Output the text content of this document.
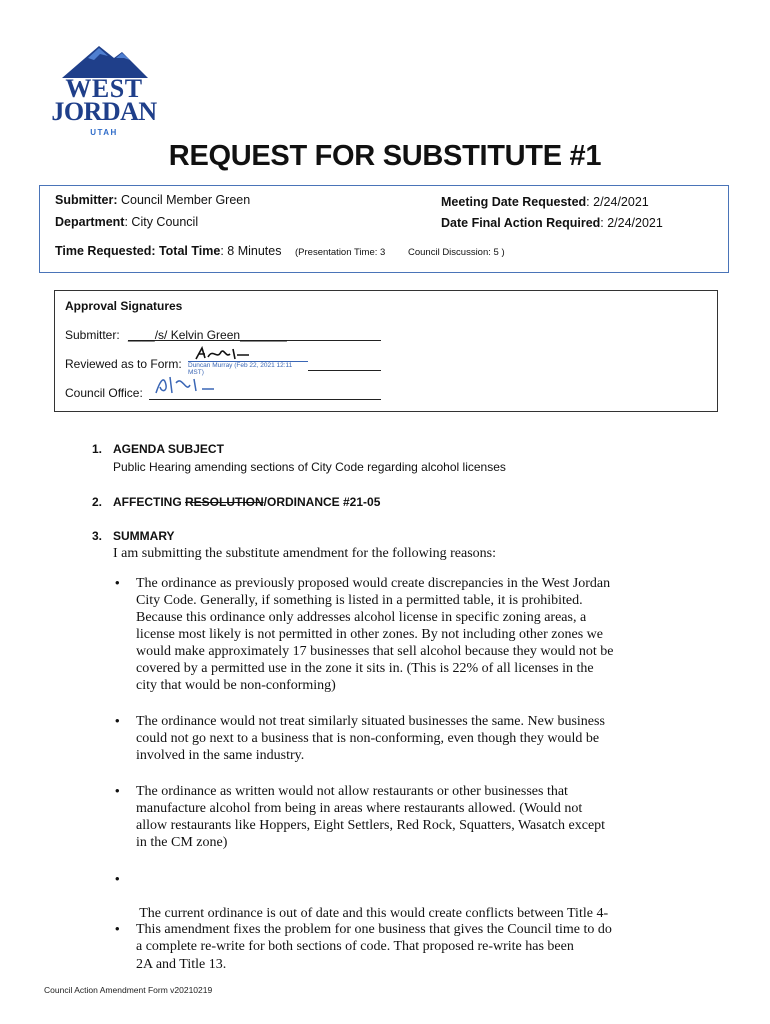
WEST
JORDAN
UTAH
REQUEST FOR SUBSTITUTE #1
Submitter: Council Member Green
Department: City Council
Time Requested: Total Time: 8 Minutes (Presentation Time: 3 Council Discussion: 5 )
Meeting Date Requested: 2/24/2021
Date Final Action Required: 2/24/2021
Approval Signatures
Submitter: ____/s/ Kelvin Green_______
Reviewed as to Form: Duncan Murray (Feb 22, 2021 12:11 MST)
Council Office:
1. AGENDA SUBJECT
Public Hearing amending sections of City Code regarding alcohol licenses
2. AFFECTING RESOLUTION/ORDINANCE #21-05
3. SUMMARY
I am submitting the substitute amendment for the following reasons:
• The ordinance as previously proposed would create discrepancies in the West Jordan
City Code. Generally, if something is listed in a permitted table, it is prohibited.
Because this ordinance only addresses alcohol license in specific zoning areas, a
license most likely is not permitted in other zones. By not including other zones we
would make approximately 17 businesses that sell alcohol because they would not be
covered by a permitted use in the zone it sits in. (This is 22% of all licenses in the
city that would be non-conforming)
• The ordinance would not treat similarly situated businesses the same. New business
could not go next to a business that is non-conforming, even though they would be
involved in the same industry.
• The ordinance as written would not allow restaurants or other businesses that
manufacture alcohol from being in areas where restaurants allowed. (Would not
allow restaurants like Hoppers, Eight Settlers, Red Rock, Squatters, Wasatch except
in the CM zone)
•

The current ordinance is out of date and this would create conflicts between Title 4-

2A and Title 13.

• This amendment fixes the problem for one business that gives the Council time to do
a complete re-write for both sections of code. That proposed re-write has been
Council Action Amendment Form v20210219
